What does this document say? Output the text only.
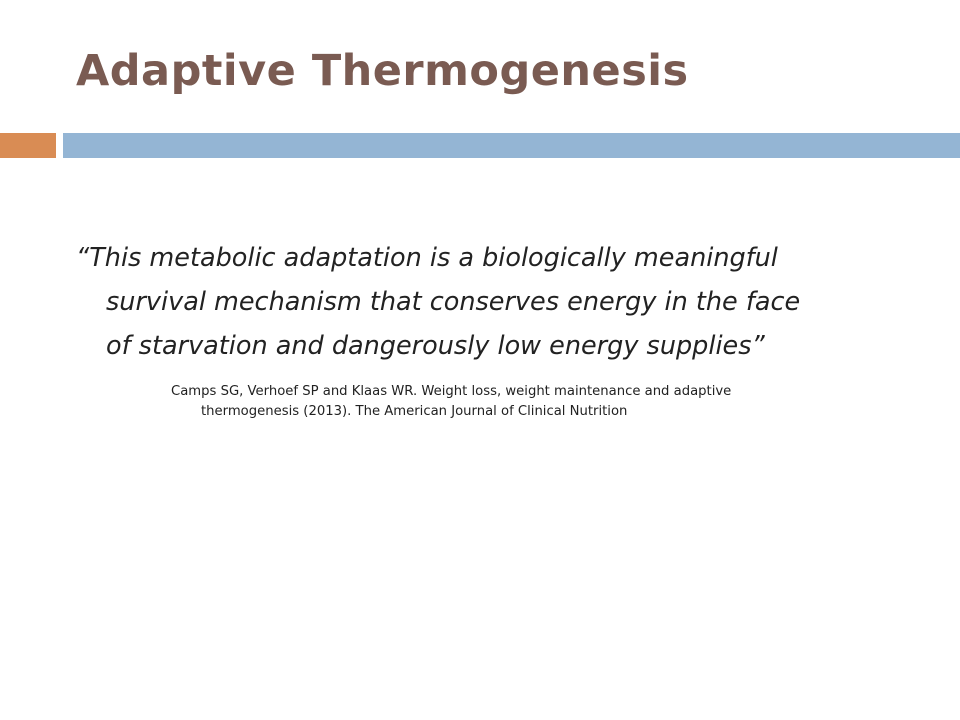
Adaptive Thermogenesis
“This metabolic adaptation is a biologically meaningful
survival mechanism that conserves energy in the face
of starvation and dangerously low energy supplies”
Camps SG, Verhoef SP and Klaas WR. Weight loss, weight maintenance and adaptive
thermogenesis (2013). The American Journal of Clinical Nutrition
